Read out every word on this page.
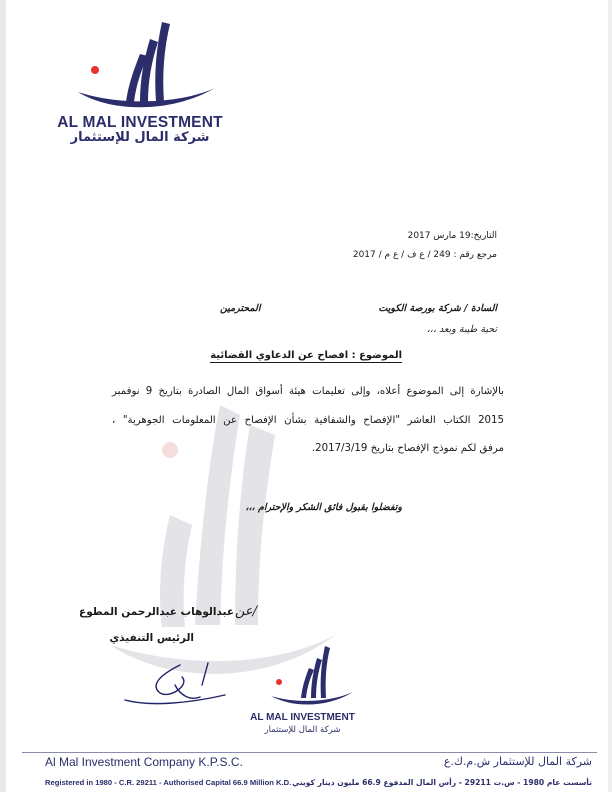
AL MAL INVESTMENT
شركة المال للإستثمار
التاريخ:19 مارس 2017
مرجع رقم : 249 / ع ف / ع م / 2017
السادة / شركة بورصة الكويت
المحترمين
تحية طيبة وبعد ،،،
الموضوع : افصاح عن الدعاوي القضائية
بالإشارة إلى الموضوع أعلاه، وإلى تعليمات هيئة أسواق المال الصادرة بتاريخ 9 نوفمبر
2015 الكتاب العاشر "الإفصاح والشفافية بشأن الإفصاح عن المعلومات الجوهرية" ،
مرفق لكم نموذج الإفصاح بتاريخ 2017/3/19.
وتفضلوا بقبول فائق الشكر والإحترام ،،،
عن/
عبدالوهاب عبدالرحمن المطوع
الرئيس التنفيذي
AL MAL INVESTMENT
شركة المال للإستثمار
Al Mal Investment Company K.P.S.C.	شركة المال للإستثمار ش.م.ك.ع
Registered in 1980 - C.R. 29211 - Authorised Capital 66.9 Million K.D. تأسست عام 1980 - س.ت 29211 - رأس المال المدفوع 66.9 مليون دينار كويتي
